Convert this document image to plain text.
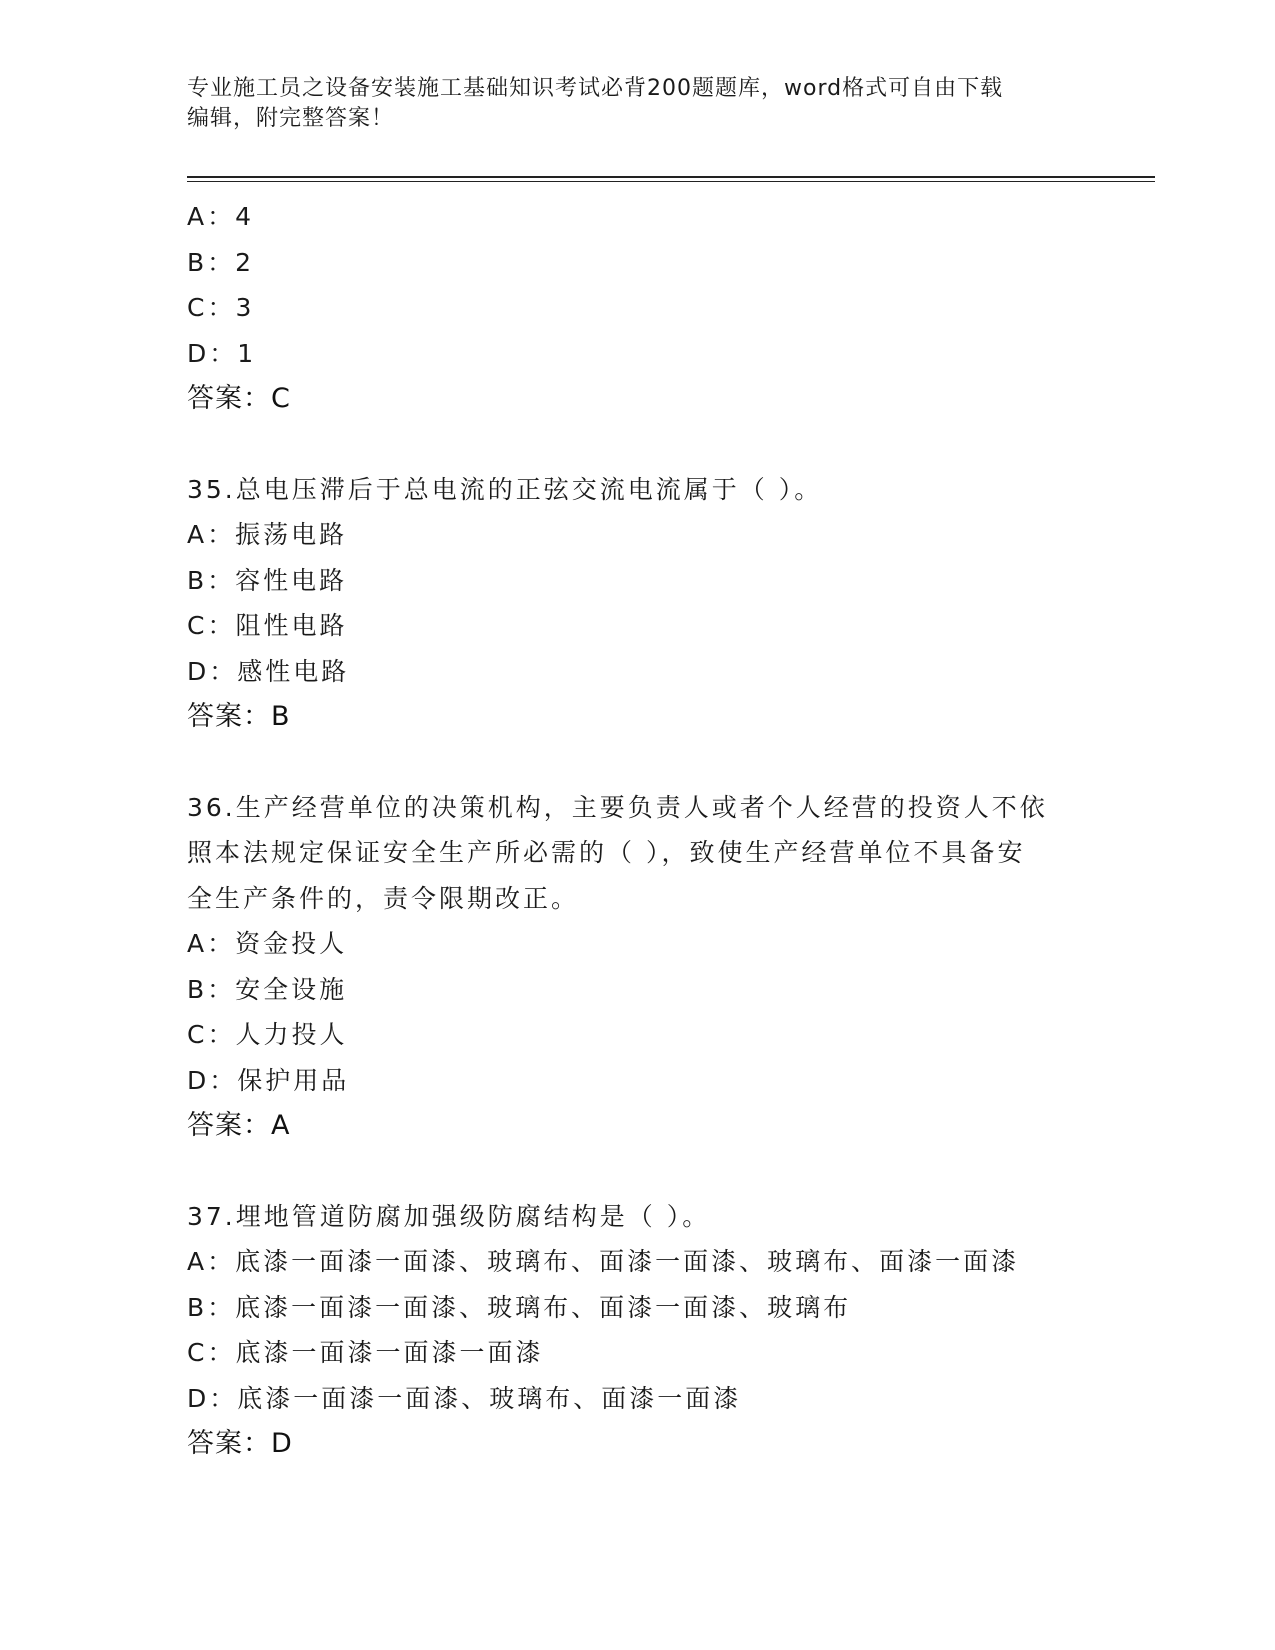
专业施工员之设备安装施工基础知识考试必背200题题库，word格式可自由下载
编辑，附完整答案！
A：4
B：2
C：3
D：1
答案：C
35.总电压滞后于总电流的正弦交流电流属于（ ）。
A：振荡电路
B：容性电路
C：阻性电路
D：感性电路
答案：B
36.生产经营单位的决策机构，主要负责人或者个人经营的投资人不依
照本法规定保证安全生产所必需的（ ），致使生产经营单位不具备安
全生产条件的，责令限期改正。
A：资金投人
B：安全设施
C：人力投人
D：保护用品
答案：A
37.埋地管道防腐加强级防腐结构是（ ）。
A：底漆一面漆一面漆、玻璃布、面漆一面漆、玻璃布、面漆一面漆
B：底漆一面漆一面漆、玻璃布、面漆一面漆、玻璃布
C：底漆一面漆一面漆一面漆
D：底漆一面漆一面漆、玻璃布、面漆一面漆
答案：D
